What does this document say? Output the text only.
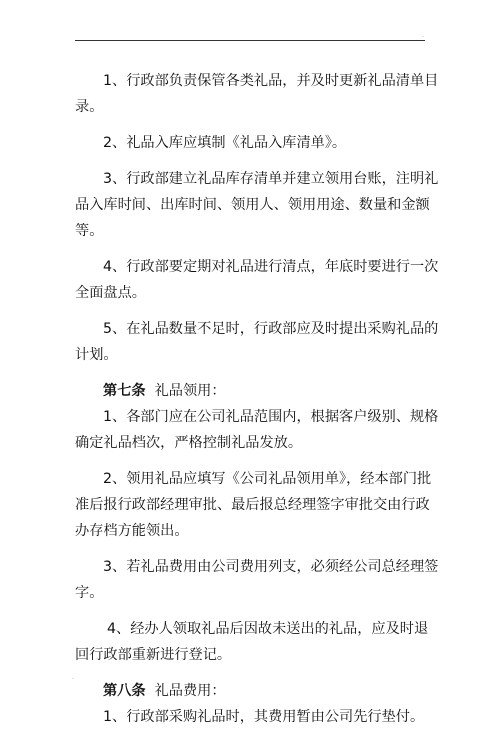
.
1、行政部负责保管各类礼品，并及时更新礼品清单目
录。
2、礼品入库应填制《礼品入库清单》。
3、行政部建立礼品库存清单并建立领用台账，注明礼
品入库时间、出库时间、领用人、领用用途、数量和金额
等。
4、行政部要定期对礼品进行清点，年底时要进行一次
全面盘点。
5、在礼品数量不足时，行政部应及时提出采购礼品的
计划。
第七条 礼品领用：
1、各部门应在公司礼品范围内，根据客户级别、规格
确定礼品档次，严格控制礼品发放。
2、领用礼品应填写《公司礼品领用单》，经本部门批
准后报行政部经理审批、最后报总经理签字审批交由行政
办存档方能领出。
3、若礼品费用由公司费用列支，必须经公司总经理签
字。
4、经办人领取礼品后因故未送出的礼品，应及时退
回行政部重新进行登记。
第八条 礼品费用：
1、行政部采购礼品时，其费用暂由公司先行垫付。
.
